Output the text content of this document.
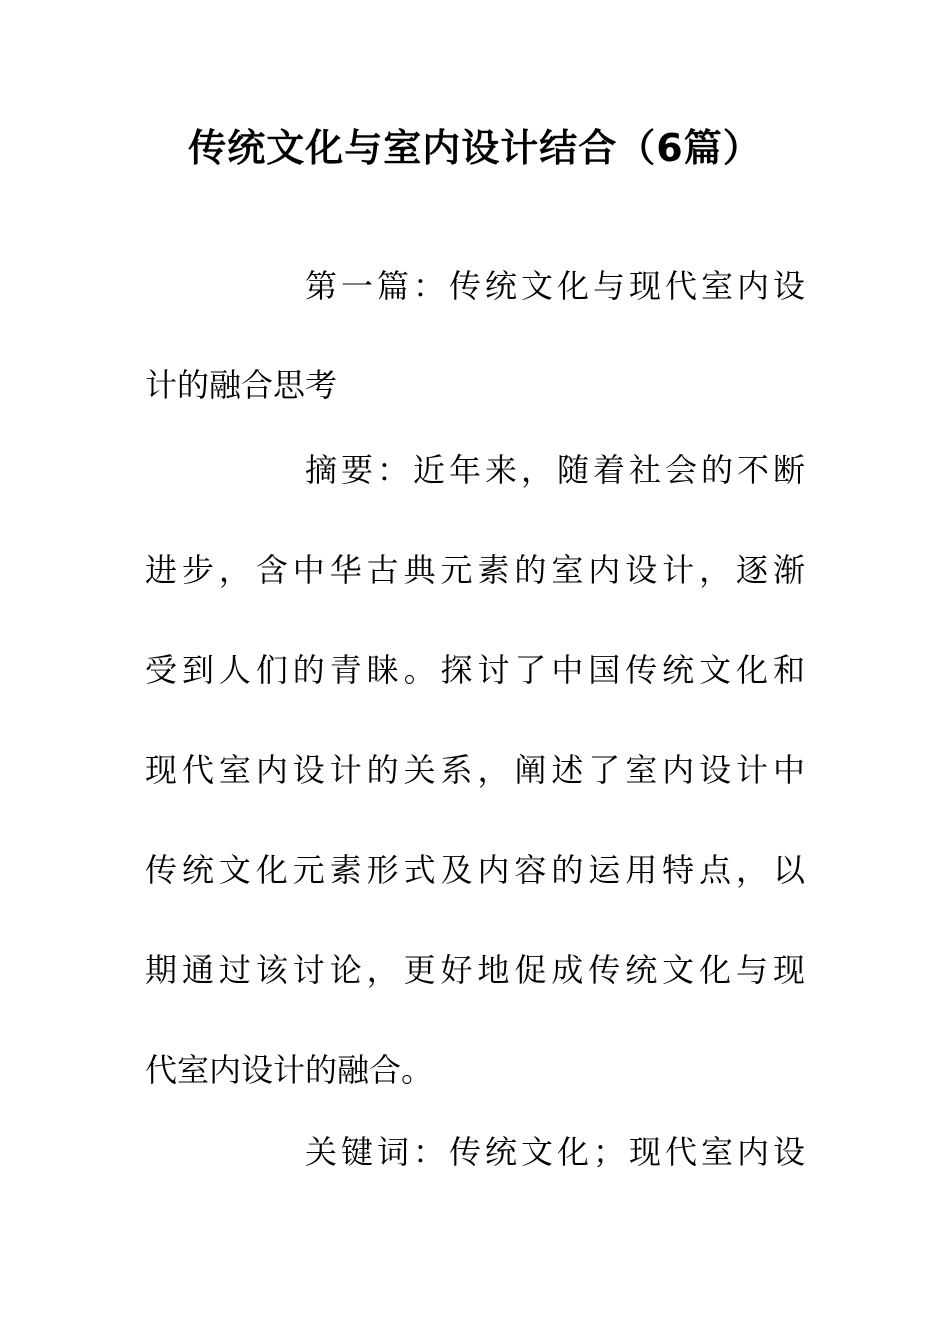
传统文化与室内设计结合（6篇）
第一篇：传统文化与现代室内设
计的融合思考
摘要：近年来，随着社会的不断
进步，含中华古典元素的室内设计，逐渐
受到人们的青睐。探讨了中国传统文化和
现代室内设计的关系，阐述了室内设计中
传统文化元素形式及内容的运用特点，以
期通过该讨论，更好地促成传统文化与现
代室内设计的融合。
关键词：传统文化；现代室内设
